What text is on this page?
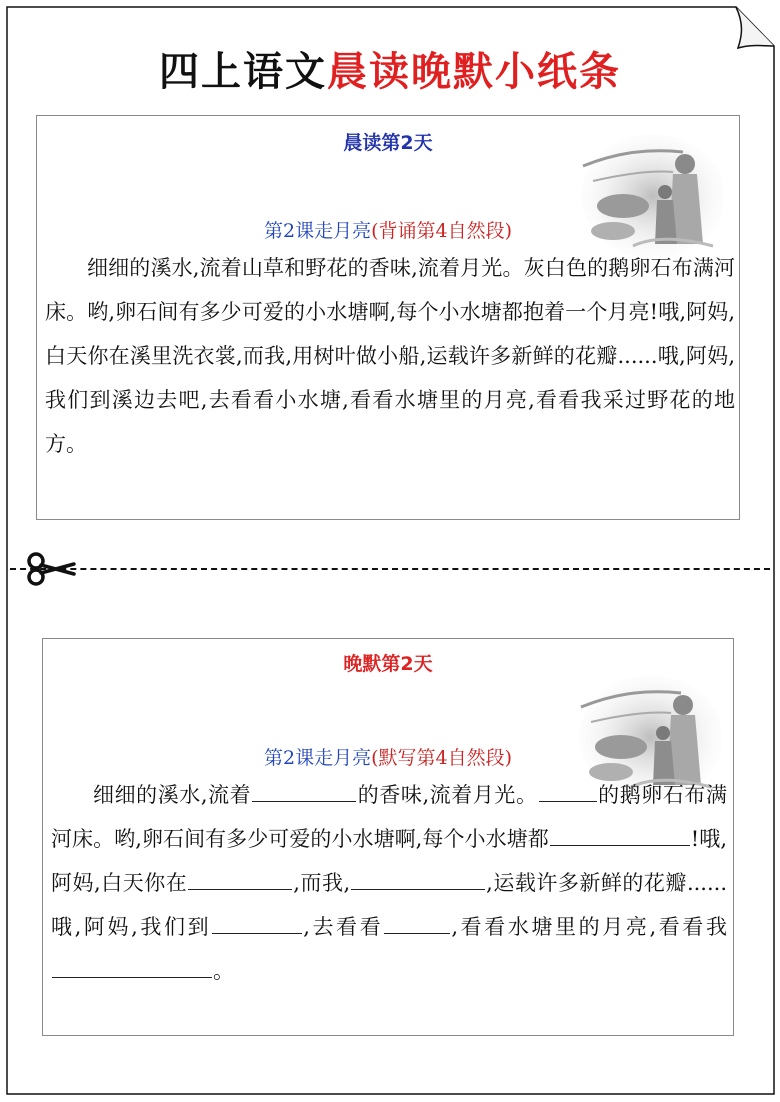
四上语文晨读晚默小纸条
晨读第2天
第2课走月亮(背诵第4自然段)

细细的溪水,流着山草和野花的香味,流着月光。灰白色的鹅卵石布满河床。哟,卵石间有多少可爱的小水塘啊,每个小水塘都抱着一个月亮!哦,阿妈,白天你在溪里洗衣裳,而我,用树叶做小船,运载许多新鲜的花瓣......哦,阿妈,我们到溪边去吧,去看看小水塘,看看水塘里的月亮,看看我采过野花的地方。

晚默第2天
第2课走月亮(默写第4自然段)

细细的溪水,流着	的香味,流着月光。	的鹅卵石布满河床。哟,卵石间有多少可爱的小水塘啊,每个小水塘都	!哦,阿妈,白天你在	,而我,	,运载许多新鲜的花瓣......哦,阿妈,我们到	,去看看	,看看水塘里的月亮,看看我。
